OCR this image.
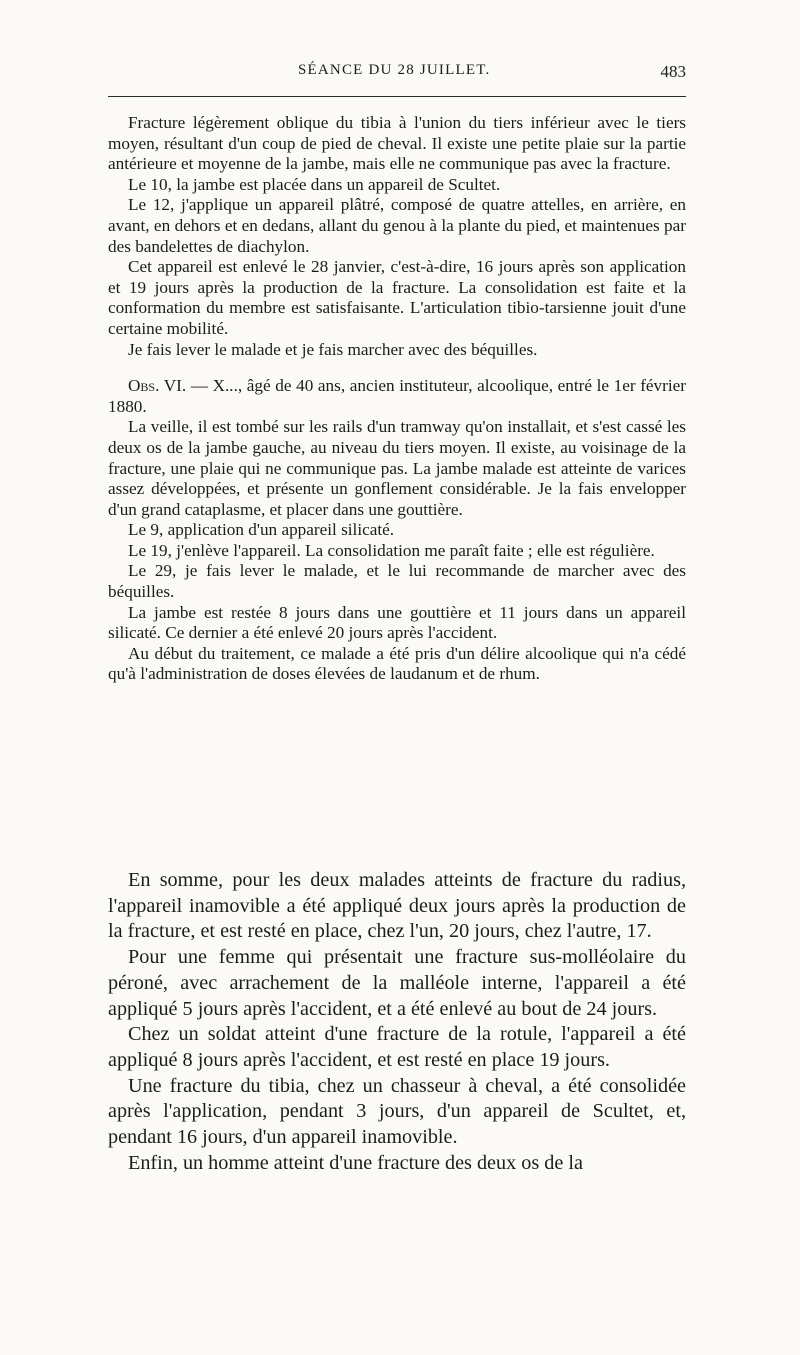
SÉANCE DU 28 JUILLET.	483

Fracture légèrement oblique du tibia à l'union du tiers inférieur avec le tiers moyen, résultant d'un coup de pied de cheval. Il existe une petite plaie sur la partie antérieure et moyenne de la jambe, mais elle ne communique pas avec la fracture.

Le 10, la jambe est placée dans un appareil de Scultet.

Le 12, j'applique un appareil plâtré, composé de quatre attelles, en arrière, en avant, en dehors et en dedans, allant du genou à la plante du pied, et maintenues par des bandelettes de diachylon.

Cet appareil est enlevé le 28 janvier, c'est-à-dire, 16 jours après son application et 19 jours après la production de la fracture. La consolidation est faite et la conformation du membre est satisfaisante. L'articulation tibio-tarsienne jouit d'une certaine mobilité.

Je fais lever le malade et je fais marcher avec des béquilles.

Obs. VI. — X..., âgé de 40 ans, ancien instituteur, alcoolique, entré le 1er février 1880.

La veille, il est tombé sur les rails d'un tramway qu'on installait, et s'est cassé les deux os de la jambe gauche, au niveau du tiers moyen. Il existe, au voisinage de la fracture, une plaie qui ne communique pas. La jambe malade est atteinte de varices assez développées, et présente un gonflement considérable. Je la fais envelopper d'un grand cataplasme, et placer dans une gouttière.

Le 9, application d'un appareil silicaté.

Le 19, j'enlève l'appareil. La consolidation me paraît faite ; elle est régulière.

Le 29, je fais lever le malade, et le lui recommande de marcher avec des béquilles.

La jambe est restée 8 jours dans une gouttière et 11 jours dans un appareil silicaté. Ce dernier a été enlevé 20 jours après l'accident.

Au début du traitement, ce malade a été pris d'un délire alcoolique qui n'a cédé qu'à l'administration de doses élevées de laudanum et de rhum.

En somme, pour les deux malades atteints de fracture du radius, l'appareil inamovible a été appliqué deux jours après la production de la fracture, et est resté en place, chez l'un, 20 jours, chez l'autre, 17.

Pour une femme qui présentait une fracture sus-molléolaire du péroné, avec arrachement de la malléole interne, l'appareil a été appliqué 5 jours après l'accident, et a été enlevé au bout de 24 jours.

Chez un soldat atteint d'une fracture de la rotule, l'appareil a été appliqué 8 jours après l'accident, et est resté en place 19 jours.

Une fracture du tibia, chez un chasseur à cheval, a été consolidée après l'application, pendant 3 jours, d'un appareil de Scultet, et, pendant 16 jours, d'un appareil inamovible.

Enfin, un homme atteint d'une fracture des deux os de la
